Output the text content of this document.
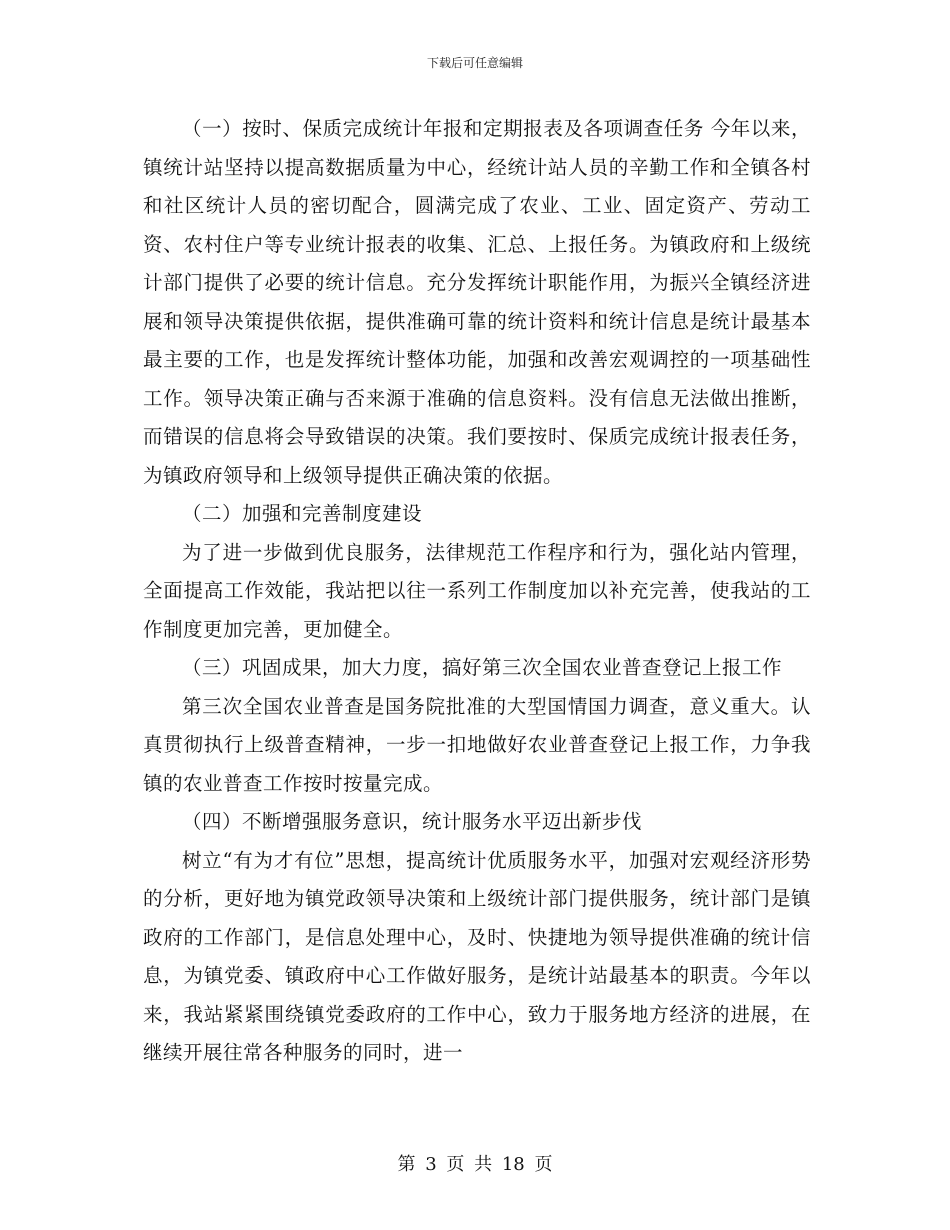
下载后可任意编辑

（一）按时、保质完成统计年报和定期报表及各项调查任务 今年以来，镇统计站坚持以提高数据质量为中心，经统计站人员的辛勤工作和全镇各村和社区统计人员的密切配合，圆满完成了农业、工业、固定资产、劳动工资、农村住户等专业统计报表的收集、汇总、上报任务。为镇政府和上级统计部门提供了必要的统计信息。充分发挥统计职能作用，为振兴全镇经济进展和领导决策提供依据，提供准确可靠的统计资料和统计信息是统计最基本最主要的工作，也是发挥统计整体功能，加强和改善宏观调控的一项基础性工作。领导决策正确与否来源于准确的信息资料。没有信息无法做出推断，而错误的信息将会导致错误的决策。我们要按时、保质完成统计报表任务，为镇政府领导和上级领导提供正确决策的依据。

（二）加强和完善制度建设

为了进一步做到优良服务，法律规范工作程序和行为，强化站内管理，全面提高工作效能，我站把以往一系列工作制度加以补充完善，使我站的工作制度更加完善，更加健全。

（三）巩固成果，加大力度，搞好第三次全国农业普查登记上报工作

第三次全国农业普查是国务院批准的大型国情国力调查，意义重大。认真贯彻执行上级普查精神，一步一扣地做好农业普查登记上报工作，力争我镇的农业普查工作按时按量完成。

（四）不断增强服务意识，统计服务水平迈出新步伐

树立“有为才有位”思想，提高统计优质服务水平，加强对宏观经济形势的分析，更好地为镇党政领导决策和上级统计部门提供服务，统计部门是镇政府的工作部门，是信息处理中心，及时、快捷地为领导提供准确的统计信息，为镇党委、镇政府中心工作做好服务，是统计站最基本的职责。今年以来，我站紧紧围绕镇党委政府的工作中心，致力于服务地方经济的进展，在继续开展往常各种服务的同时，进一

第 3 页 共 18 页
